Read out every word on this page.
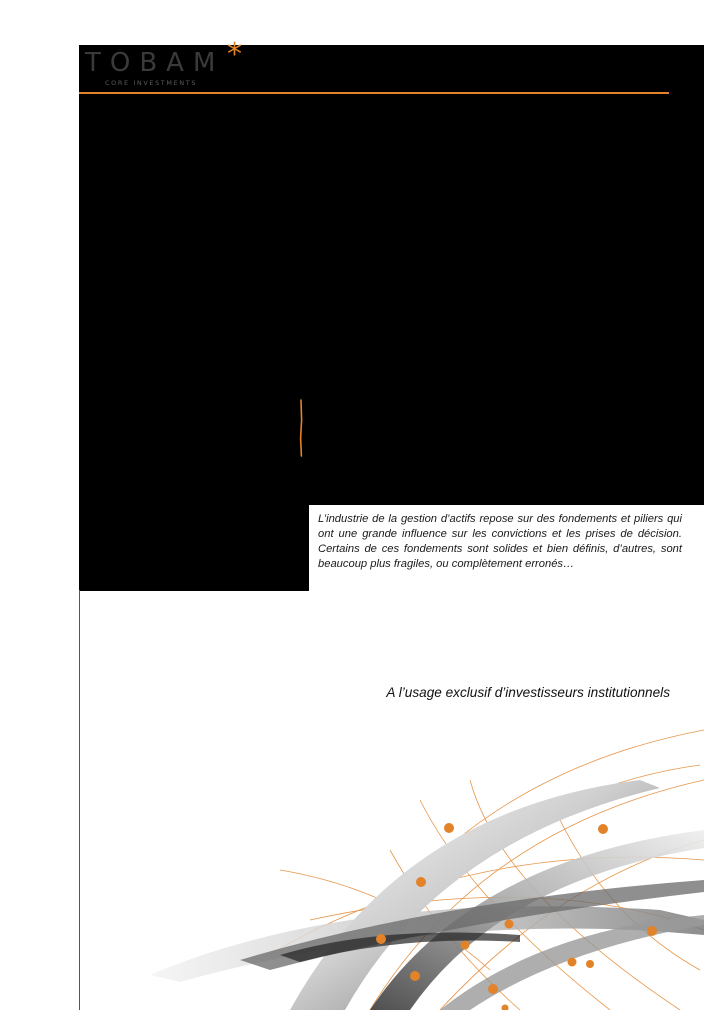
TOBAM *
CORE INVESTMENTS

L’industrie de la gestion d’actifs repose sur des fondements et piliers qui ont une grande influence sur les convictions et les prises de décision. Certains de ces fondements sont solides et bien définis, d’autres, sont beaucoup plus fragiles, ou complètement erronés…

A l’usage exclusif d’investisseurs institutionnels
